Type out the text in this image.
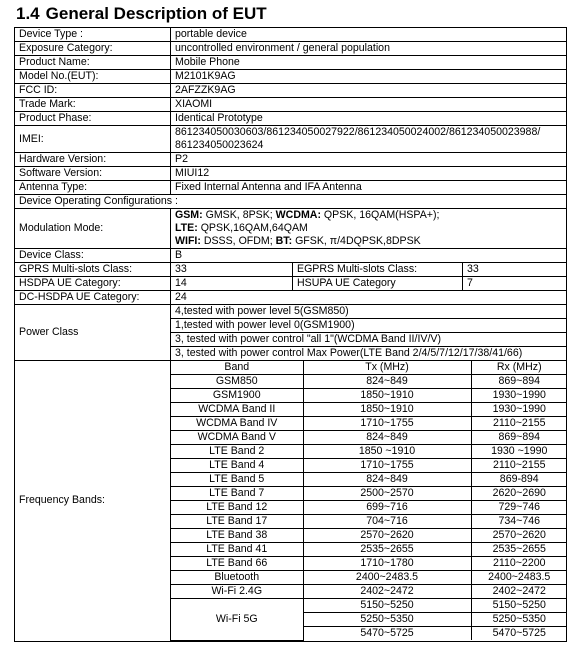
1.4 General Description of EUT
Device Type :	portable device
Exposure Category:	uncontrolled environment / general population
Product Name:	Mobile Phone
Model No.(EUT):	M2101K9AG
FCC ID:	2AFZZK9AG
Trade Mark:	XIAOMI
Product Phase:	Identical Prototype
IMEI:	861234050030603/861234050027922/861234050024002/861234050023988/ 861234050023624
Hardware Version:	P2
Software Version:	MIUI12
Antenna Type:	Fixed Internal Antenna and IFA Antenna
Device Operating Configurations :
Modulation Mode:	
GSM: GMSK, 8PSK; WCDMA: QPSK, 16QAM(HSPA+);
LTE: QPSK,16QAM,64QAM
WIFI: DSSS, OFDM; BT: GFSK, π/4DQPSK,8DPSK

Device Class:	B
GPRS Multi-slots Class:	33	EGPRS Multi-slots Class:	33
HSDPA UE Category:	14	HSUPA UE Category	7
DC-HSDPA UE Category:	24
Power Class	4,tested with power level 5(GSM850)
1,tested with power level 0(GSM1900)
3, tested with power control "all 1"(WCDMA Band II/IV/V)
3, tested with power control Max Power(LTE Band 2/4/5/7/12/17/38/41/66)
Frequency Bands:	
Band	Tx (MHz)	Rx (MHz)
GSM850	824~849	869~894
GSM1900	1850~1910	1930~1990
WCDMA Band II	1850~1910	1930~1990
WCDMA Band IV	1710~1755	2110~2155
WCDMA Band V	824~849	869~894
LTE Band 2	1850 ~1910	1930 ~1990
LTE Band 4	1710~1755	2110~2155
LTE Band 5	824~849	869-894
LTE Band 7	2500~2570	2620~2690
LTE Band 12	699~716	729~746
LTE Band 17	704~716	734~746
LTE Band 38	2570~2620	2570~2620
LTE Band 41	2535~2655	2535~2655
LTE Band 66	1710~1780	2110~2200
Bluetooth	2400~2483.5	2400~2483.5
Wi-Fi 2.4G	2402~2472	2402~2472
Wi-Fi 5G	5150~5250	5150~5250
5250~5350	5250~5350
5470~5725	5470~5725
